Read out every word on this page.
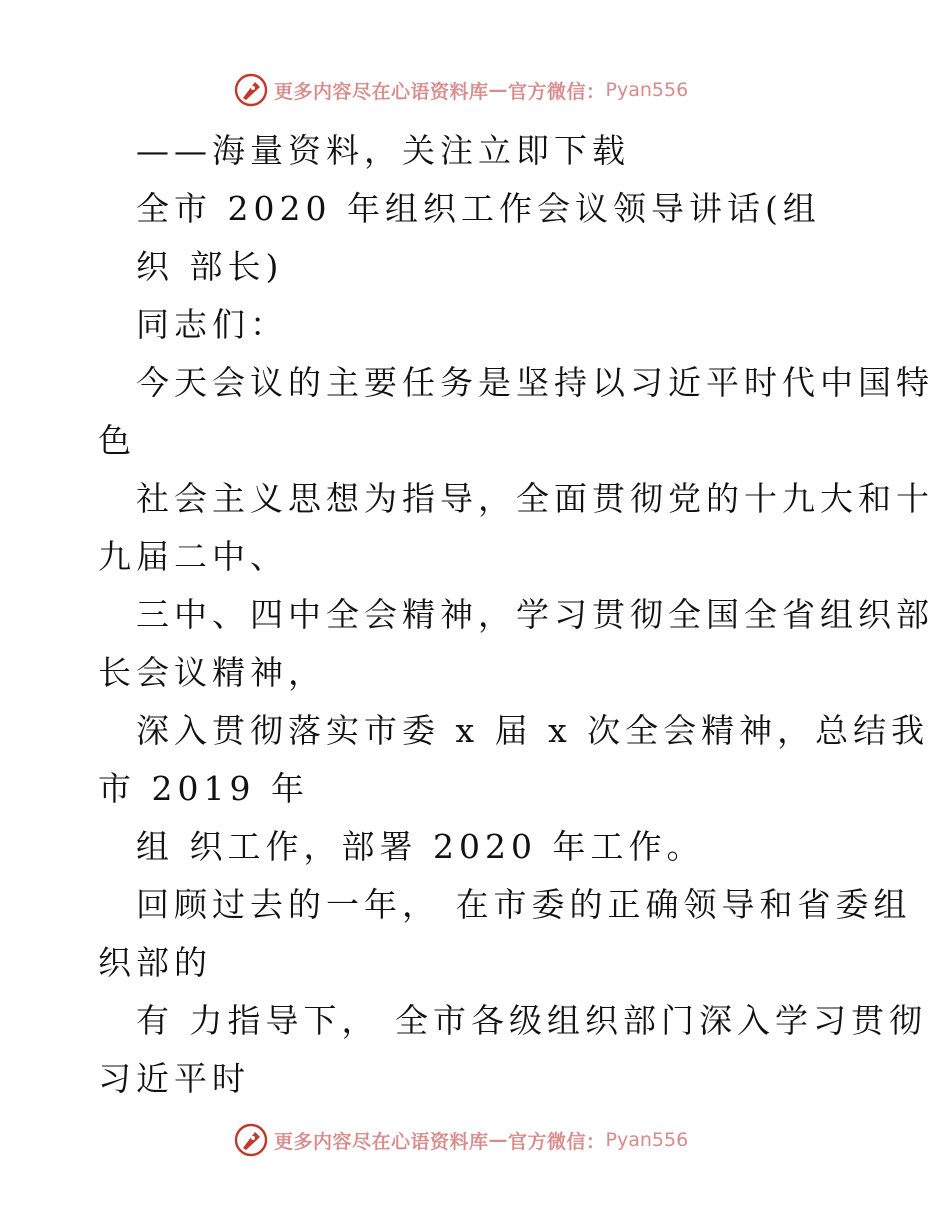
更多内容尽在心语资料库 — 官方微信： Pyan556
——海量资料，关注立即下载
全市 2020 年组织工作会议领导讲话(组
织 部长)
同志们：
今天会议的主要任务是坚持以习近平时代中国特
色
社会主义思想为指导，全面贯彻党的十九大和十
九届二中、
三中、四中全会精神，学习贯彻全国全省组织部
长会议精神，
深入贯彻落实市委 x 届 x 次全会精神，总结我
市 2019 年
组 织工作，部署 2020 年工作。
回顾过去的一年， 在市委的正确领导和省委组
织部的
有 力指导下， 全市各级组织部门深入学习贯彻
习近平时
更多内容尽在心语资料库 — 官方微信： Pyan556
